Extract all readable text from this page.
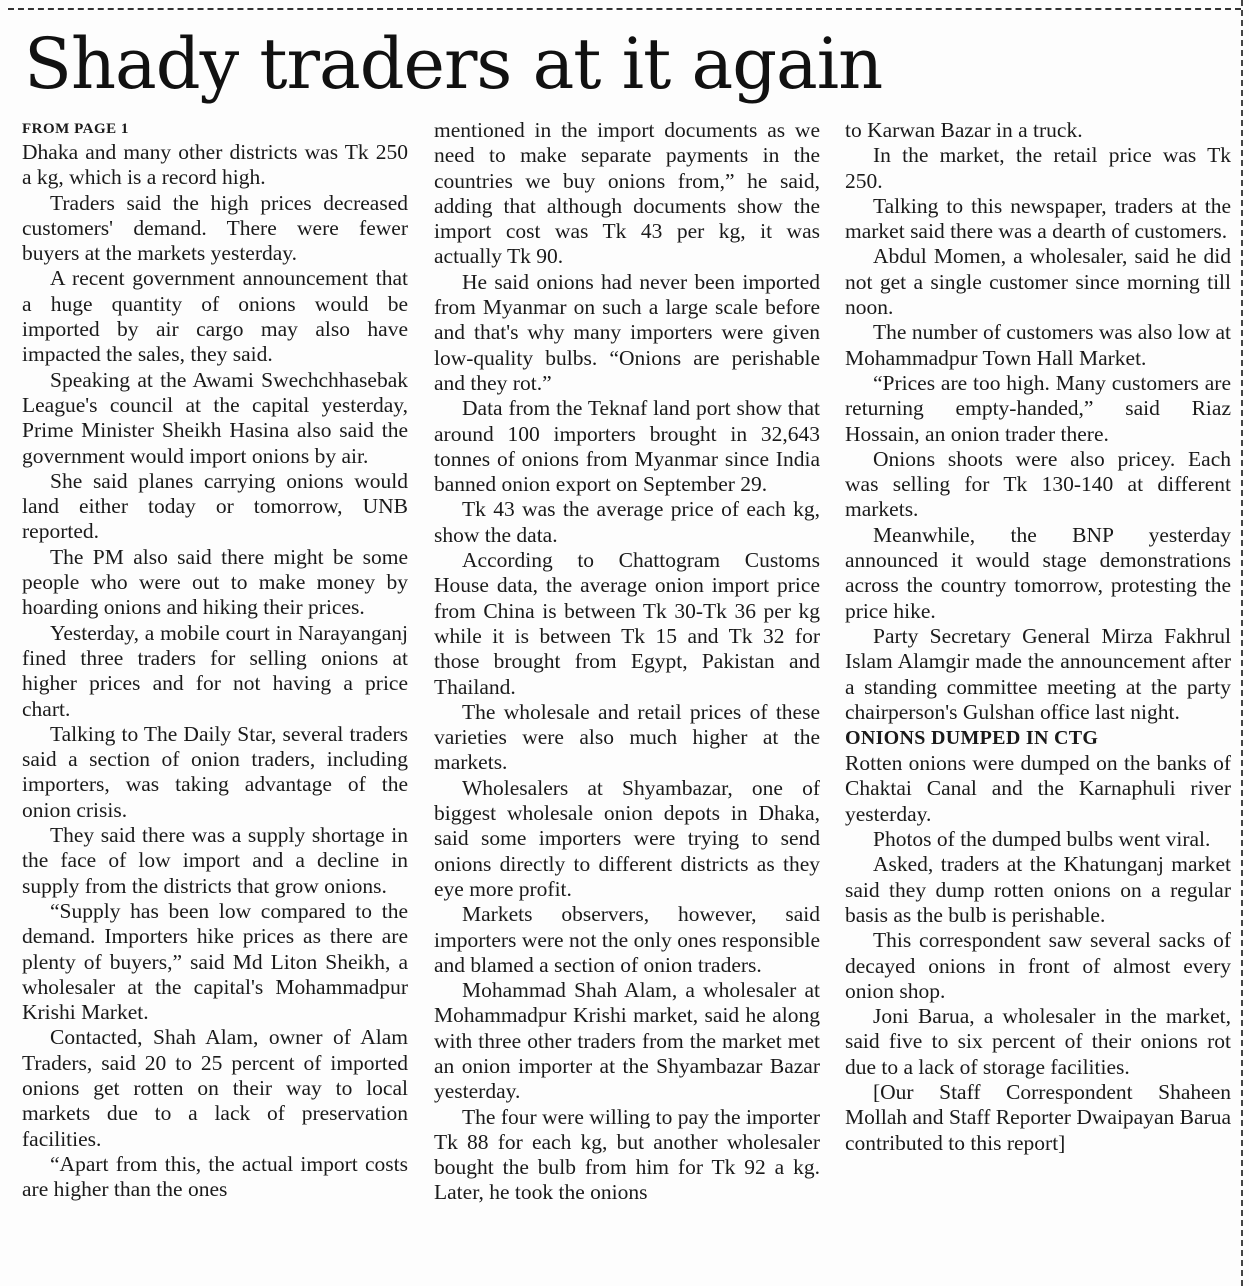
Shady traders at it again
FROM PAGE 1

Dhaka and many other districts was Tk 250 a kg, which is a record high.

Traders said the high prices decreased customers' demand. There were fewer buyers at the markets yesterday.

A recent government announcement that a huge quantity of onions would be imported by air cargo may also have impacted the sales, they said.

Speaking at the Awami Swechchhasebak League's council at the capital yesterday, Prime Minister Sheikh Hasina also said the government would import onions by air.

She said planes carrying onions would land either today or tomorrow, UNB reported.

The PM also said there might be some people who were out to make money by hoarding onions and hiking their prices.

Yesterday, a mobile court in Narayanganj fined three traders for selling onions at higher prices and for not having a price chart.

Talking to The Daily Star, several traders said a section of onion traders, including importers, was taking advantage of the onion crisis.

They said there was a supply shortage in the face of low import and a decline in supply from the districts that grow onions.

“Supply has been low compared to the demand. Importers hike prices as there are plenty of buyers,” said Md Liton Sheikh, a wholesaler at the capital's Mohammadpur Krishi Market.

Contacted, Shah Alam, owner of Alam Traders, said 20 to 25 percent of imported onions get rotten on their way to local markets due to a lack of preservation facilities.

“Apart from this, the actual import costs are higher than the ones

mentioned in the import documents as we need to make separate payments in the countries we buy onions from,” he said, adding that although documents show the import cost was Tk 43 per kg, it was actually Tk 90.

He said onions had never been imported from Myanmar on such a large scale before and that's why many importers were given low-quality bulbs. “Onions are perishable and they rot.”

Data from the Teknaf land port show that around 100 importers brought in 32,643 tonnes of onions from Myanmar since India banned onion export on September 29.

Tk 43 was the average price of each kg, show the data.

According to Chattogram Customs House data, the average onion import price from China is between Tk 30-Tk 36 per kg while it is between Tk 15 and Tk 32 for those brought from Egypt, Pakistan and Thailand.

The wholesale and retail prices of these varieties were also much higher at the markets.

Wholesalers at Shyambazar, one of biggest wholesale onion depots in Dhaka, said some importers were trying to send onions directly to different districts as they eye more profit.

Markets observers, however, said importers were not the only ones responsible and blamed a section of onion traders.

Mohammad Shah Alam, a wholesaler at Mohammadpur Krishi market, said he along with three other traders from the market met an onion importer at the Shyambazar Bazar yesterday.

The four were willing to pay the importer Tk 88 for each kg, but another wholesaler bought the bulb from him for Tk 92 a kg. Later, he took the onions

to Karwan Bazar in a truck.

In the market, the retail price was Tk 250.

Talking to this newspaper, traders at the market said there was a dearth of customers.

Abdul Momen, a wholesaler, said he did not get a single customer since morning till noon.

The number of customers was also low at Mohammadpur Town Hall Market.

“Prices are too high. Many customers are returning empty-handed,” said Riaz Hossain, an onion trader there.

Onions shoots were also pricey. Each was selling for Tk 130-140 at different markets.

Meanwhile, the BNP yesterday announced it would stage demonstrations across the country tomorrow, protesting the price hike.

Party Secretary General Mirza Fakhrul Islam Alamgir made the announcement after a standing committee meeting at the party chairperson's Gulshan office last night.

ONIONS DUMPED IN CTG

Rotten onions were dumped on the banks of Chaktai Canal and the Karnaphuli river yesterday.

Photos of the dumped bulbs went viral.

Asked, traders at the Khatunganj market said they dump rotten onions on a regular basis as the bulb is perishable.

This correspondent saw several sacks of decayed onions in front of almost every onion shop.

Joni Barua, a wholesaler in the market, said five to six percent of their onions rot due to a lack of storage facilities.

[Our Staff Correspondent Shaheen Mollah and Staff Reporter Dwaipayan Barua contributed to this report]
